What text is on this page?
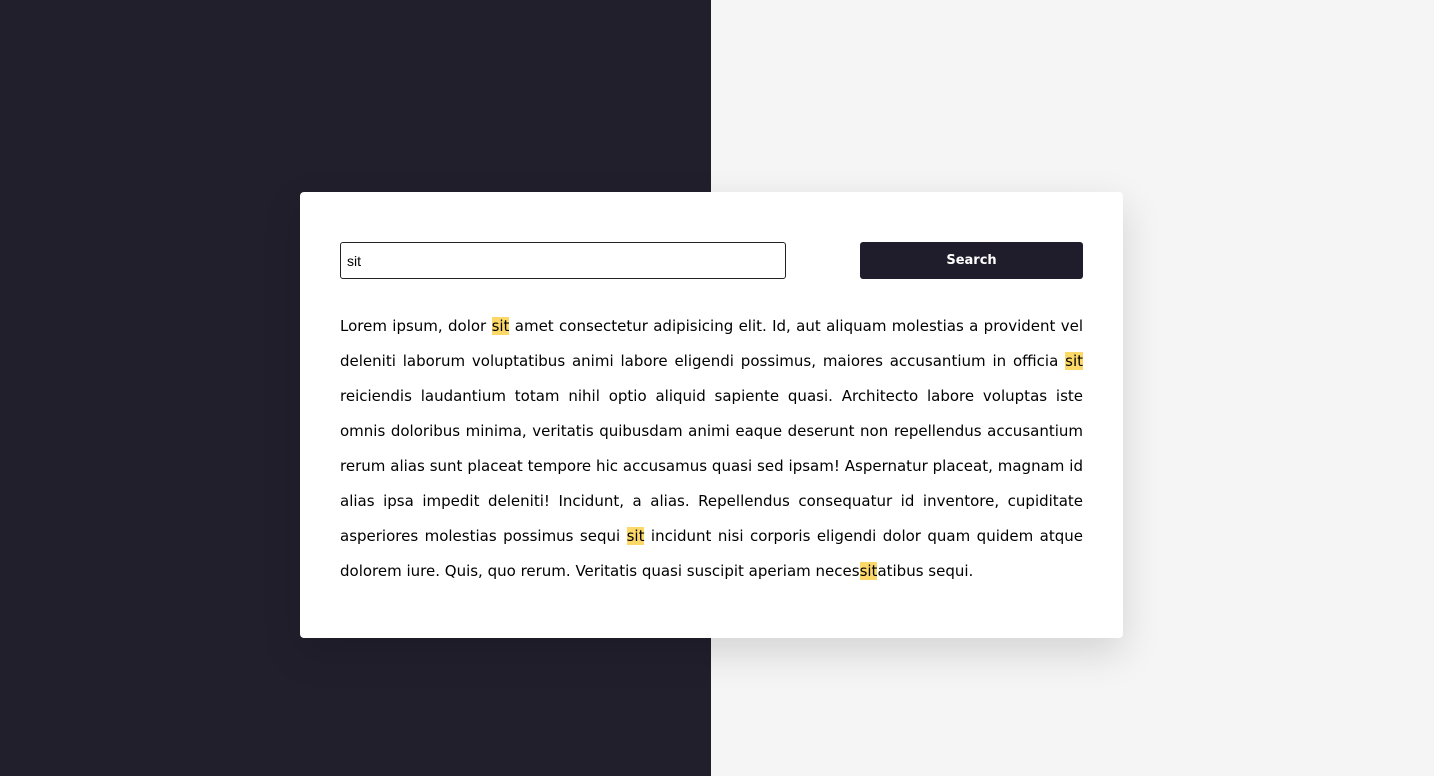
sit
Search

Lorem ipsum, dolor sit amet consectetur adipisicing elit. Id, aut aliquam molestias a provident vel deleniti laborum voluptatibus animi labore eligendi possimus, maiores accusantium in officia sit reiciendis laudantium totam nihil optio aliquid sapiente quasi. Architecto labore voluptas iste omnis doloribus minima, veritatis quibusdam animi eaque deserunt non repellendus accusantium rerum alias sunt placeat tempore hic accusamus quasi sed ipsam! Aspernatur placeat, magnam id alias ipsa impedit deleniti! Incidunt, a alias. Repellendus consequatur id inventore, cupiditate asperiores molestias possimus sequi sit incidunt nisi corporis eligendi dolor quam quidem atque dolorem iure. Quis, quo rerum. Veritatis quasi suscipit aperiam necessitatibus sequi.
